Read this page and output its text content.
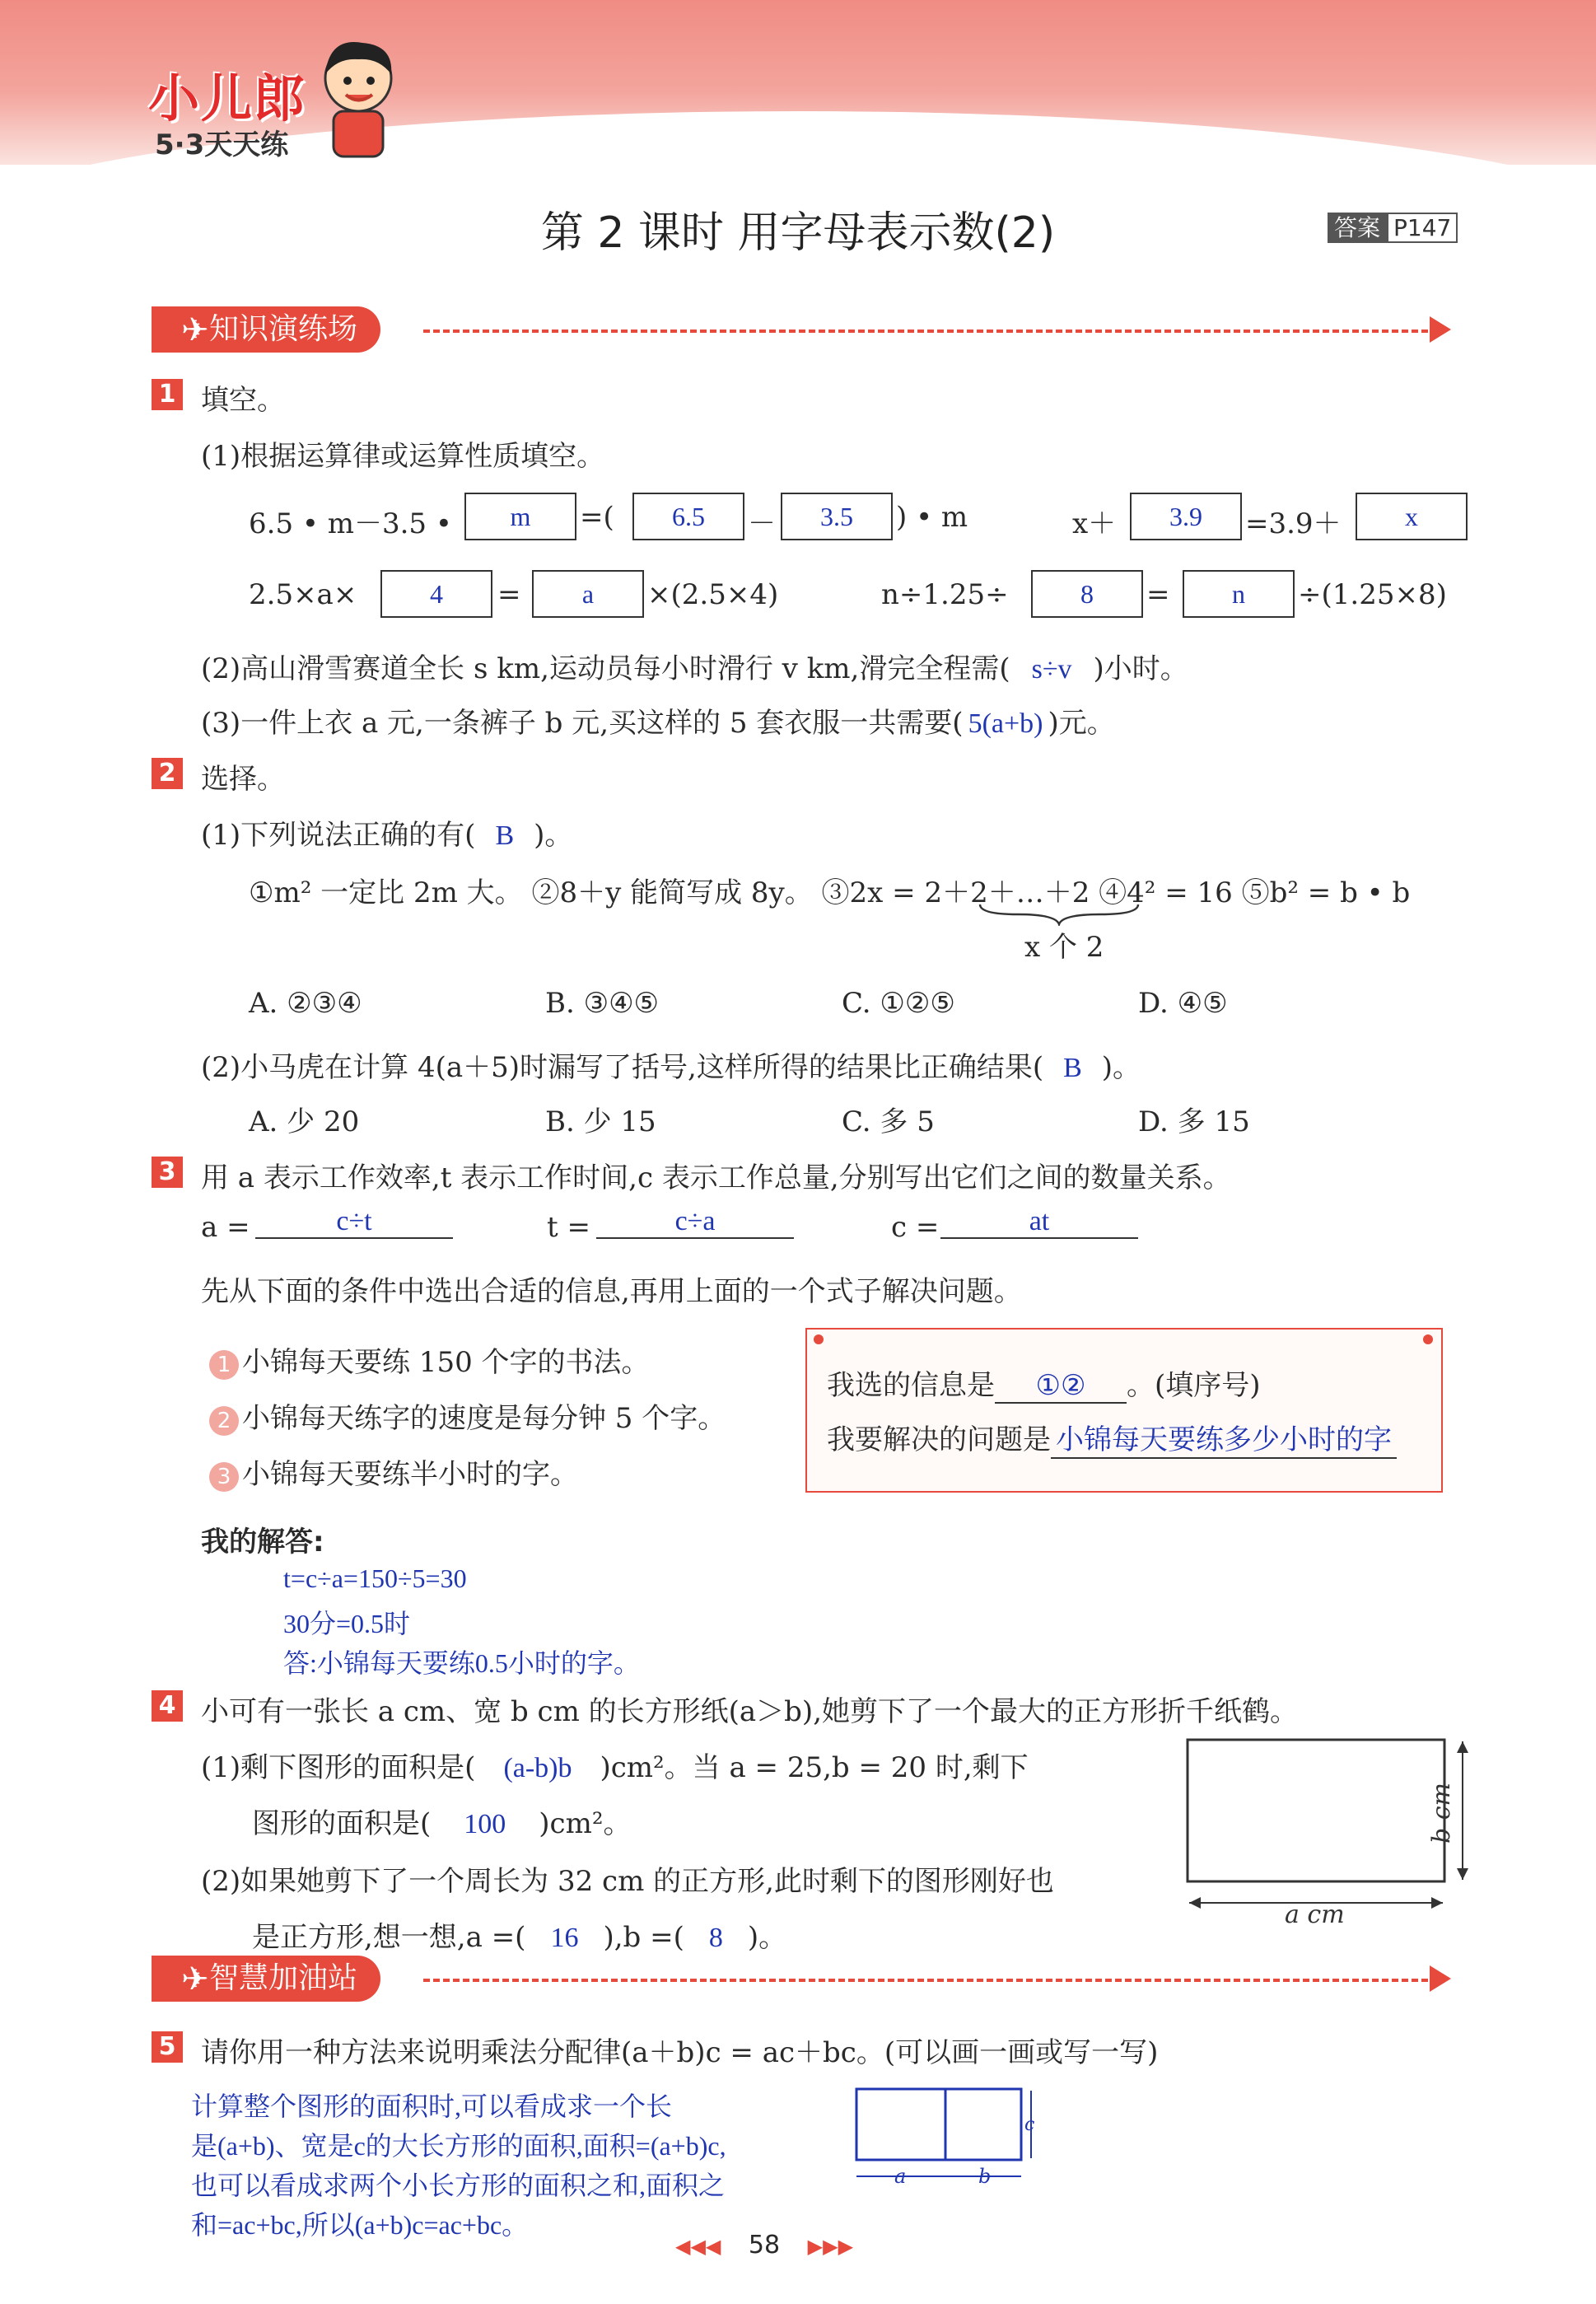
小儿郎
5·3天天练
第 2 课时 用字母表示数(2)	答案 P147
知识演练场
✈
1 填空。
(1)根据运算律或运算性质填空。
6.5 • m－3.5 •	m	=(	6.5	－	3.5	) • m	x＋	3.9	=3.9＋	x
2.5×a×	4	=	a	×(2.5×4)	n÷1.25÷	8	=	n	÷(1.25×8)
(2)高山滑雪赛道全长 s km,运动员每小时滑行 v km,滑完全程需( s÷v )小时。
(3)一件上衣 a 元,一条裤子 b 元,买这样的 5 套衣服一共需要( 5(a+b) )元。
2 选择。
(1)下列说法正确的有( B )。
①m² 一定比 2m 大。 ②8＋y 能简写成 8y。 ③2x = 2＋2＋…＋2 ④4² = 16 ⑤b² = b • b
x 个 2
A. ②③④	B. ③④⑤	C. ①②⑤	D. ④⑤
(2)小马虎在计算 4(a＋5)时漏写了括号,这样所得的结果比正确结果( B )。
A. 少 20	B. 少 15	C. 多 5	D. 多 15
3 用 a 表示工作效率,t 表示工作时间,c 表示工作总量,分别写出它们之间的数量关系。
a =	c÷t	t =	c÷a	c =	at
先从下面的条件中选出合适的信息,再用上面的一个式子解决问题。
1 小锦每天要练 150 个字的书法。
2 小锦每天练字的速度是每分钟 5 个字。
3 小锦每天要练半小时的字。
我选的信息是 ①② 。(填序号)
我要解决的问题是 小锦每天要练多少小时的字
我的解答:
t=c÷a=150÷5=30
30分=0.5时
答:小锦每天要练0.5小时的字。
4 小可有一张长 a cm、宽 b cm 的长方形纸(a＞b),她剪下了一个最大的正方形折千纸鹤。
(1)剩下图形的面积是( (a-b)b )cm²。当 a = 25,b = 20 时,剩下
图形的面积是( 100 )cm²。
(2)如果她剪下了一个周长为 32 cm 的正方形,此时剩下的图形刚好也
是正方形,想一想,a =( 16 ),b =( 8 )。
a cm
b cm
智慧加油站
✈
5 请你用一种方法来说明乘法分配律(a＋b)c = ac＋bc。(可以画一画或写一写)
计算整个图形的面积时,可以看成求一个长
是(a+b)、宽是c的大长方形的面积,面积=(a+b)c,
也可以看成求两个小长方形的面积之和,面积之
和=ac+bc,所以(a+b)c=ac+bc。
a	b
c
◀◀◀ 58 ▶▶▶
